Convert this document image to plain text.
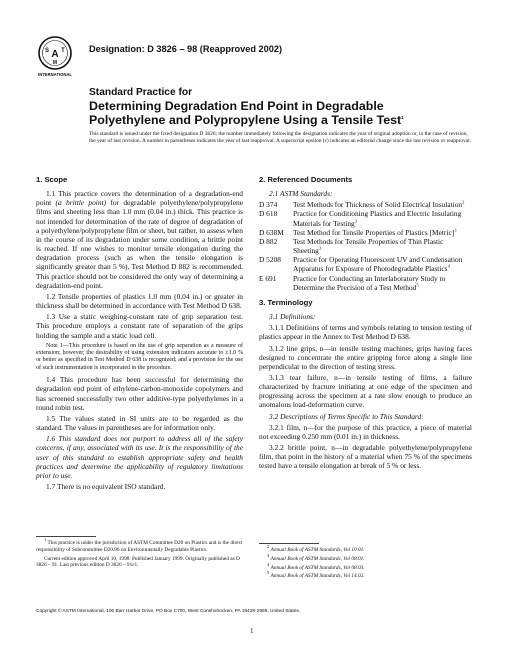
A
S T
M
INTERNATIONAL
Designation: D 3826 – 98 (Reapproved 2002)
Standard Practice for
Determining Degradation End Point in Degradable
Polyethylene and Polypropylene Using a Tensile Test$^1$
This standard is issued under the fixed designation D 3826; the number immediately following the designation indicates the year of original adoption or, in the case of revision, the year of last revision. A number in parentheses indicates the year of last reapproval. A superscript epsilon (ε) indicates an editorial change since the last revision or reapproval.
1. Scope

1.1 This practice covers the determination of a degradation-end point (a brittle point) for degradable polyethylene/polypropylene films and sheeting less than 1.0 mm (0.04 in.) thick. This practice is not intended for determination of the rate of degree of degradation of a polyethylene/polypropylene film or sheet, but rather, to assess when in the course of its degradation under some condition, a brittle point is reached. If one wishes to monitor tensile elongation during the degradation process (such as when the tensile elongation is significantly greater than 5 %), Test Method D 882 is recommended. This practice should not be considered the only way of determining a degradation-end point.

1.2 Tensile properties of plastics 1.0 mm (0.04 in.) or greater in thickness shall be determined in accordance with Test Method D 638.

1.3 Use a static weighing-constant rate of grip separation test. This procedure employs a constant rate of separation of the grips holding the sample and a static load cell.

Note 1—This procedure is based on the use of grip separation as a measure of extension; however, the desirability of using extension indicators accurate to ±1.0 % or better as specified in Test Method D 638 is recognized; and a provision for the use of such instrumentation is incorporated in the procedure.

1.4 This procedure has been successful for determining the degradation end point of ethylene-carbon-monoxide copolymers and has screened successfully two other additive-type polyethylenes in a round robin test.

1.5 The values stated in SI units are to be regarded as the standard. The values in parentheses are for information only.

1.6 This standard does not purport to address all of the safety concerns, if any, associated with its use. It is the responsibility of the user of this standard to establish appropriate safety and health practices and determine the applicability of regulatory limitations prior to use.

1.7 There is no equivalent ISO standard.

2. Referenced Documents

2.1 ASTM Standards:

D 374 Test Methods for Thickness of Solid Electrical Insulation$^2$

D 618 Practice for Conditioning Plastics and Electric Insulating Materials for Testing$^3$

D 638M Test Method for Tensile Properties of Plastics [Metric]$^3$

D 882 Test Methods for Tensile Properties of Thin Plastic Sheeting$^3$

D 5208 Practice for Operating Fluorescent UV and Condensation Apparatus for Exposure of Photodegradable Plastics$^4$

E 691 Practice for Conducting an Interlaboratory Study to Determine the Precision of a Test Method$^5$

3. Terminology

3.1 Definitions:

3.1.1 Definitions of terms and symbols relating to tension testing of plastics appear in the Annex to Test Method D 638.

3.1.2 line grips, n—in tensile testing machines, grips having faces designed to concentrate the entire gripping force along a single line perpendicular to the direction of testing stress.

3.1.3 tear failure, n—in tensile testing of films, a failure characterized by fracture initiating at one edge of the specimen and progressing across the specimen at a rate slow enough to produce an anomalous load-deformation curve.

3.2 Descriptions of Terms Specific to This Standard:

3.2.1 film, n—for the purpose of this practice, a piece of material not exceeding 0.250 mm (0.01 in.) in thickness.

3.2.2 brittle point, n—in degradable polyethylene/polypropylene film, that point in the history of a material when 75 % of the specimens tested have a tensile elongation at break of 5 % or less.

$^1$ This practice is under the jurisdiction of ASTM Committee D20 on Plastics and is the direct responsibility of Subcommittee D20.96 on Environmentally Degradable Plastics.

Current edition approved April 10, 1998. Published January 1999. Originally published as D 3826 – 91. Last previous edition D 3826 – 91ε1.

$^2$ Annual Book of ASTM Standards, Vol 10.01.

$^3$ Annual Book of ASTM Standards, Vol 08.01.

$^4$ Annual Book of ASTM Standards, Vol 08.03.

$^5$ Annual Book of ASTM Standards, Vol 14.02.

Copyright © ASTM International, 100 Barr Harbor Drive, PO Box C700, West Conshohocken, PA 19428-2959, United States.
1
